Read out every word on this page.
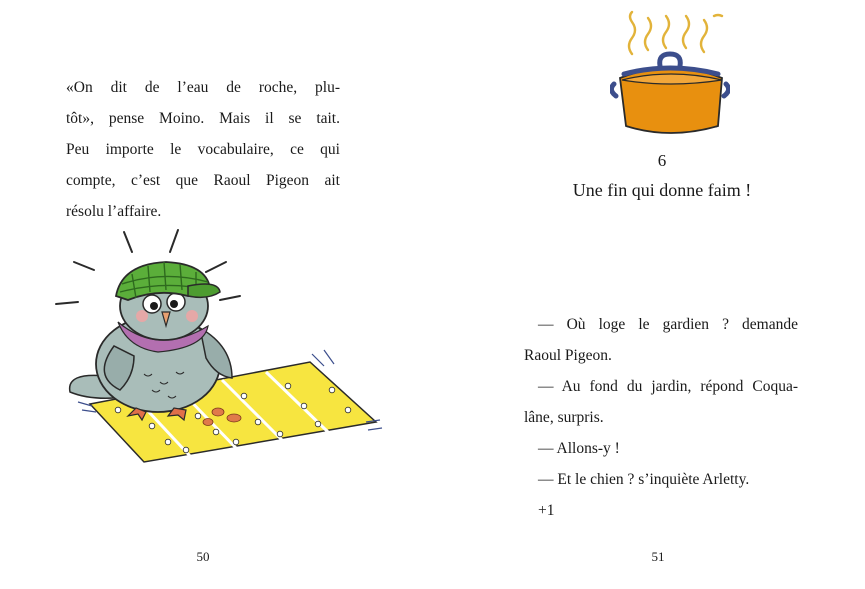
«On dit de l’eau de roche, plu-
tôt», pense Moino. Mais il se tait.
Peu importe le vocabulaire, ce qui
compte, c’est que Raoul Pigeon ait
résolu l’affaire.
50
6
Une fin qui donne faim !
— Où loge le gardien ? demande
Raoul Pigeon.
— Au fond du jardin, répond Coqua-
lâne, surpris.
— Allons-y !
— Et le chien ? s’inquiète Arletty.
+1
51
